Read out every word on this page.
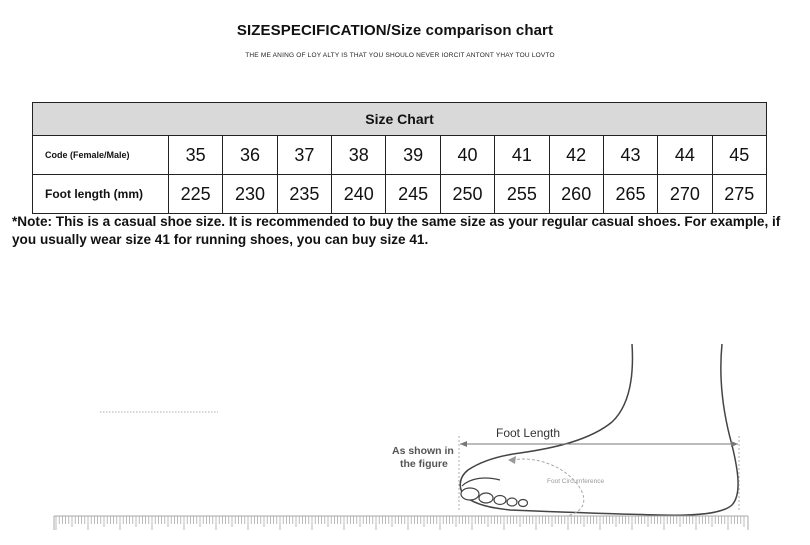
SIZESPECIFICATION/Size comparison chart
THE ME ANING OF LOY ALTY IS THAT YOU SHOULO NEVER IORCIT ANTONT YHAY TOU LOVTO
Size Chart											
Code (Female/Male)	35	36	37	38	39	40	41	42	43	44	45
Foot length (mm)	225	230	235	240	245	250	255	260	265	270	275
*Note: This is a casual shoe size. It is recommended to buy the same size as your regular casual shoes. For example, if you usually wear size 41 for running shoes, you can buy size 41.
Foot Circumference
Foot Length
As shown in
the figure
